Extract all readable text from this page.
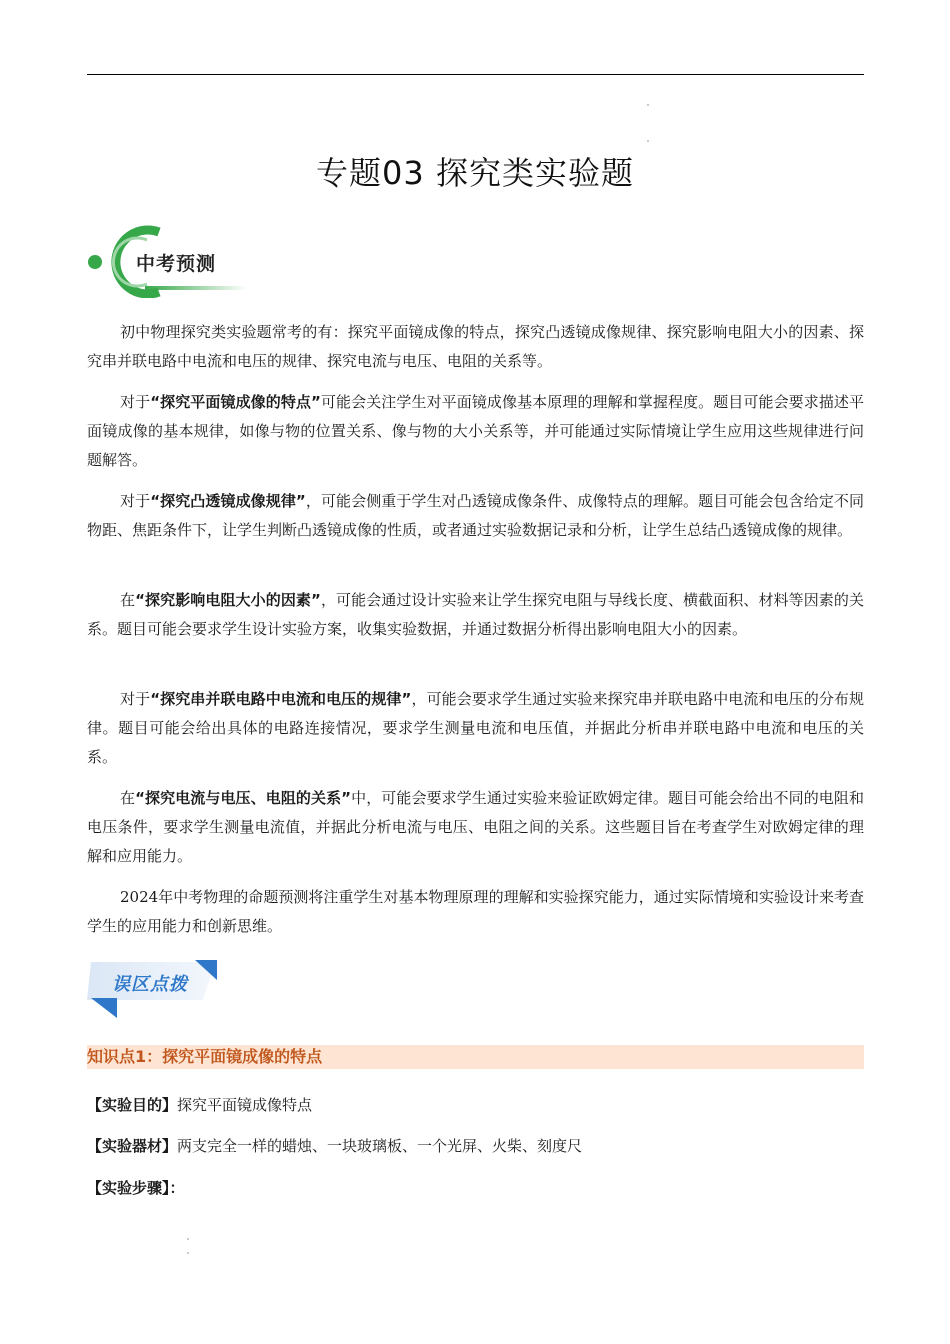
专题03 探究类实验题
中考预测

初中物理探究类实验题常考的有：探究平面镜成像的特点，探究凸透镜成像规律、探究影响电阻大小的因素、探究串并联电路中电流和电压的规律、探究电流与电压、电阻的关系等。

对于“探究平面镜成像的特点”可能会关注学生对平面镜成像基本原理的理解和掌握程度。题目可能会要求描述平面镜成像的基本规律，如像与物的位置关系、像与物的大小关系等，并可能通过实际情境让学生应用这些规律进行问题解答。

对于“探究凸透镜成像规律”，可能会侧重于学生对凸透镜成像条件、成像特点的理解。题目可能会包含给定不同物距、焦距条件下，让学生判断凸透镜成像的性质，或者通过实验数据记录和分析，让学生总结凸透镜成像的规律。

在“探究影响电阻大小的因素”，可能会通过设计实验来让学生探究电阻与导线长度、横截面积、材料等因素的关系。题目可能会要求学生设计实验方案，收集实验数据，并通过数据分析得出影响电阻大小的因素。

对于“探究串并联电路中电流和电压的规律”，可能会要求学生通过实验来探究串并联电路中电流和电压的分布规律。题目可能会给出具体的电路连接情况，要求学生测量电流和电压值，并据此分析串并联电路中电流和电压的关系。

在“探究电流与电压、电阻的关系”中，可能会要求学生通过实验来验证欧姆定律。题目可能会给出不同的电阻和电压条件，要求学生测量电流值，并据此分析电流与电压、电阻之间的关系。这些题目旨在考查学生对欧姆定律的理解和应用能力。

2024年中考物理的命题预测将注重学生对基本物理原理的理解和实验探究能力，通过实际情境和实验设计来考查学生的应用能力和创新思维。

误区点拨
知识点1：探究平面镜成像的特点
【实验目的】探究平面镜成像特点
【实验器材】两支完全一样的蜡烛、一块玻璃板、一个光屏、火柴、刻度尺
【实验步骤】：
